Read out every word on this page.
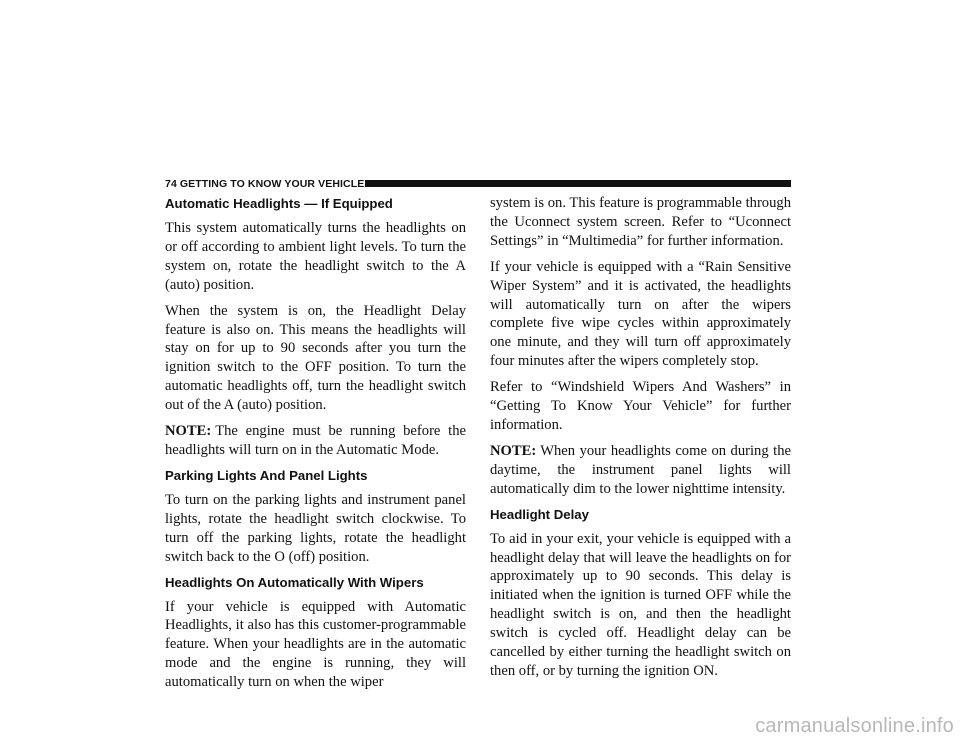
74 GETTING TO KNOW YOUR VEHICLE
Automatic Headlights — If Equipped

This system automatically turns the headlights on or off according to ambient light levels. To turn the system on, rotate the headlight switch to the A (auto) position.

When the system is on, the Headlight Delay feature is also on. This means the headlights will stay on for up to 90 seconds after you turn the ignition switch to the OFF position. To turn the automatic headlights off, turn the headlight switch out of the A (auto) position.

NOTE: The engine must be running before the headlights will turn on in the Automatic Mode.

Parking Lights And Panel Lights

To turn on the parking lights and instrument panel lights, rotate the headlight switch clockwise. To turn off the parking lights, rotate the headlight switch back to the O (off) position.

Headlights On Automatically With Wipers

If your vehicle is equipped with Automatic Headlights, it also has this customer-programmable feature. When your headlights are in the automatic mode and the engine is running, they will automatically turn on when the wiper

system is on. This feature is programmable through the Uconnect system screen. Refer to “Uconnect Settings” in “Multimedia” for further information.

If your vehicle is equipped with a “Rain Sensitive Wiper System” and it is activated, the headlights will automatically turn on after the wipers complete five wipe cycles within approximately one minute, and they will turn off approximately four minutes after the wipers completely stop.

Refer to “Windshield Wipers And Washers” in “Getting To Know Your Vehicle” for further information.

NOTE: When your headlights come on during the daytime, the instrument panel lights will automatically dim to the lower nighttime intensity.

Headlight Delay

To aid in your exit, your vehicle is equipped with a headlight delay that will leave the headlights on for approximately up to 90 seconds. This delay is initiated when the ignition is turned OFF while the headlight switch is on, and then the headlight switch is cycled off. Headlight delay can be cancelled by either turning the headlight switch on then off, or by turning the ignition ON.

carmanualsonline.info
